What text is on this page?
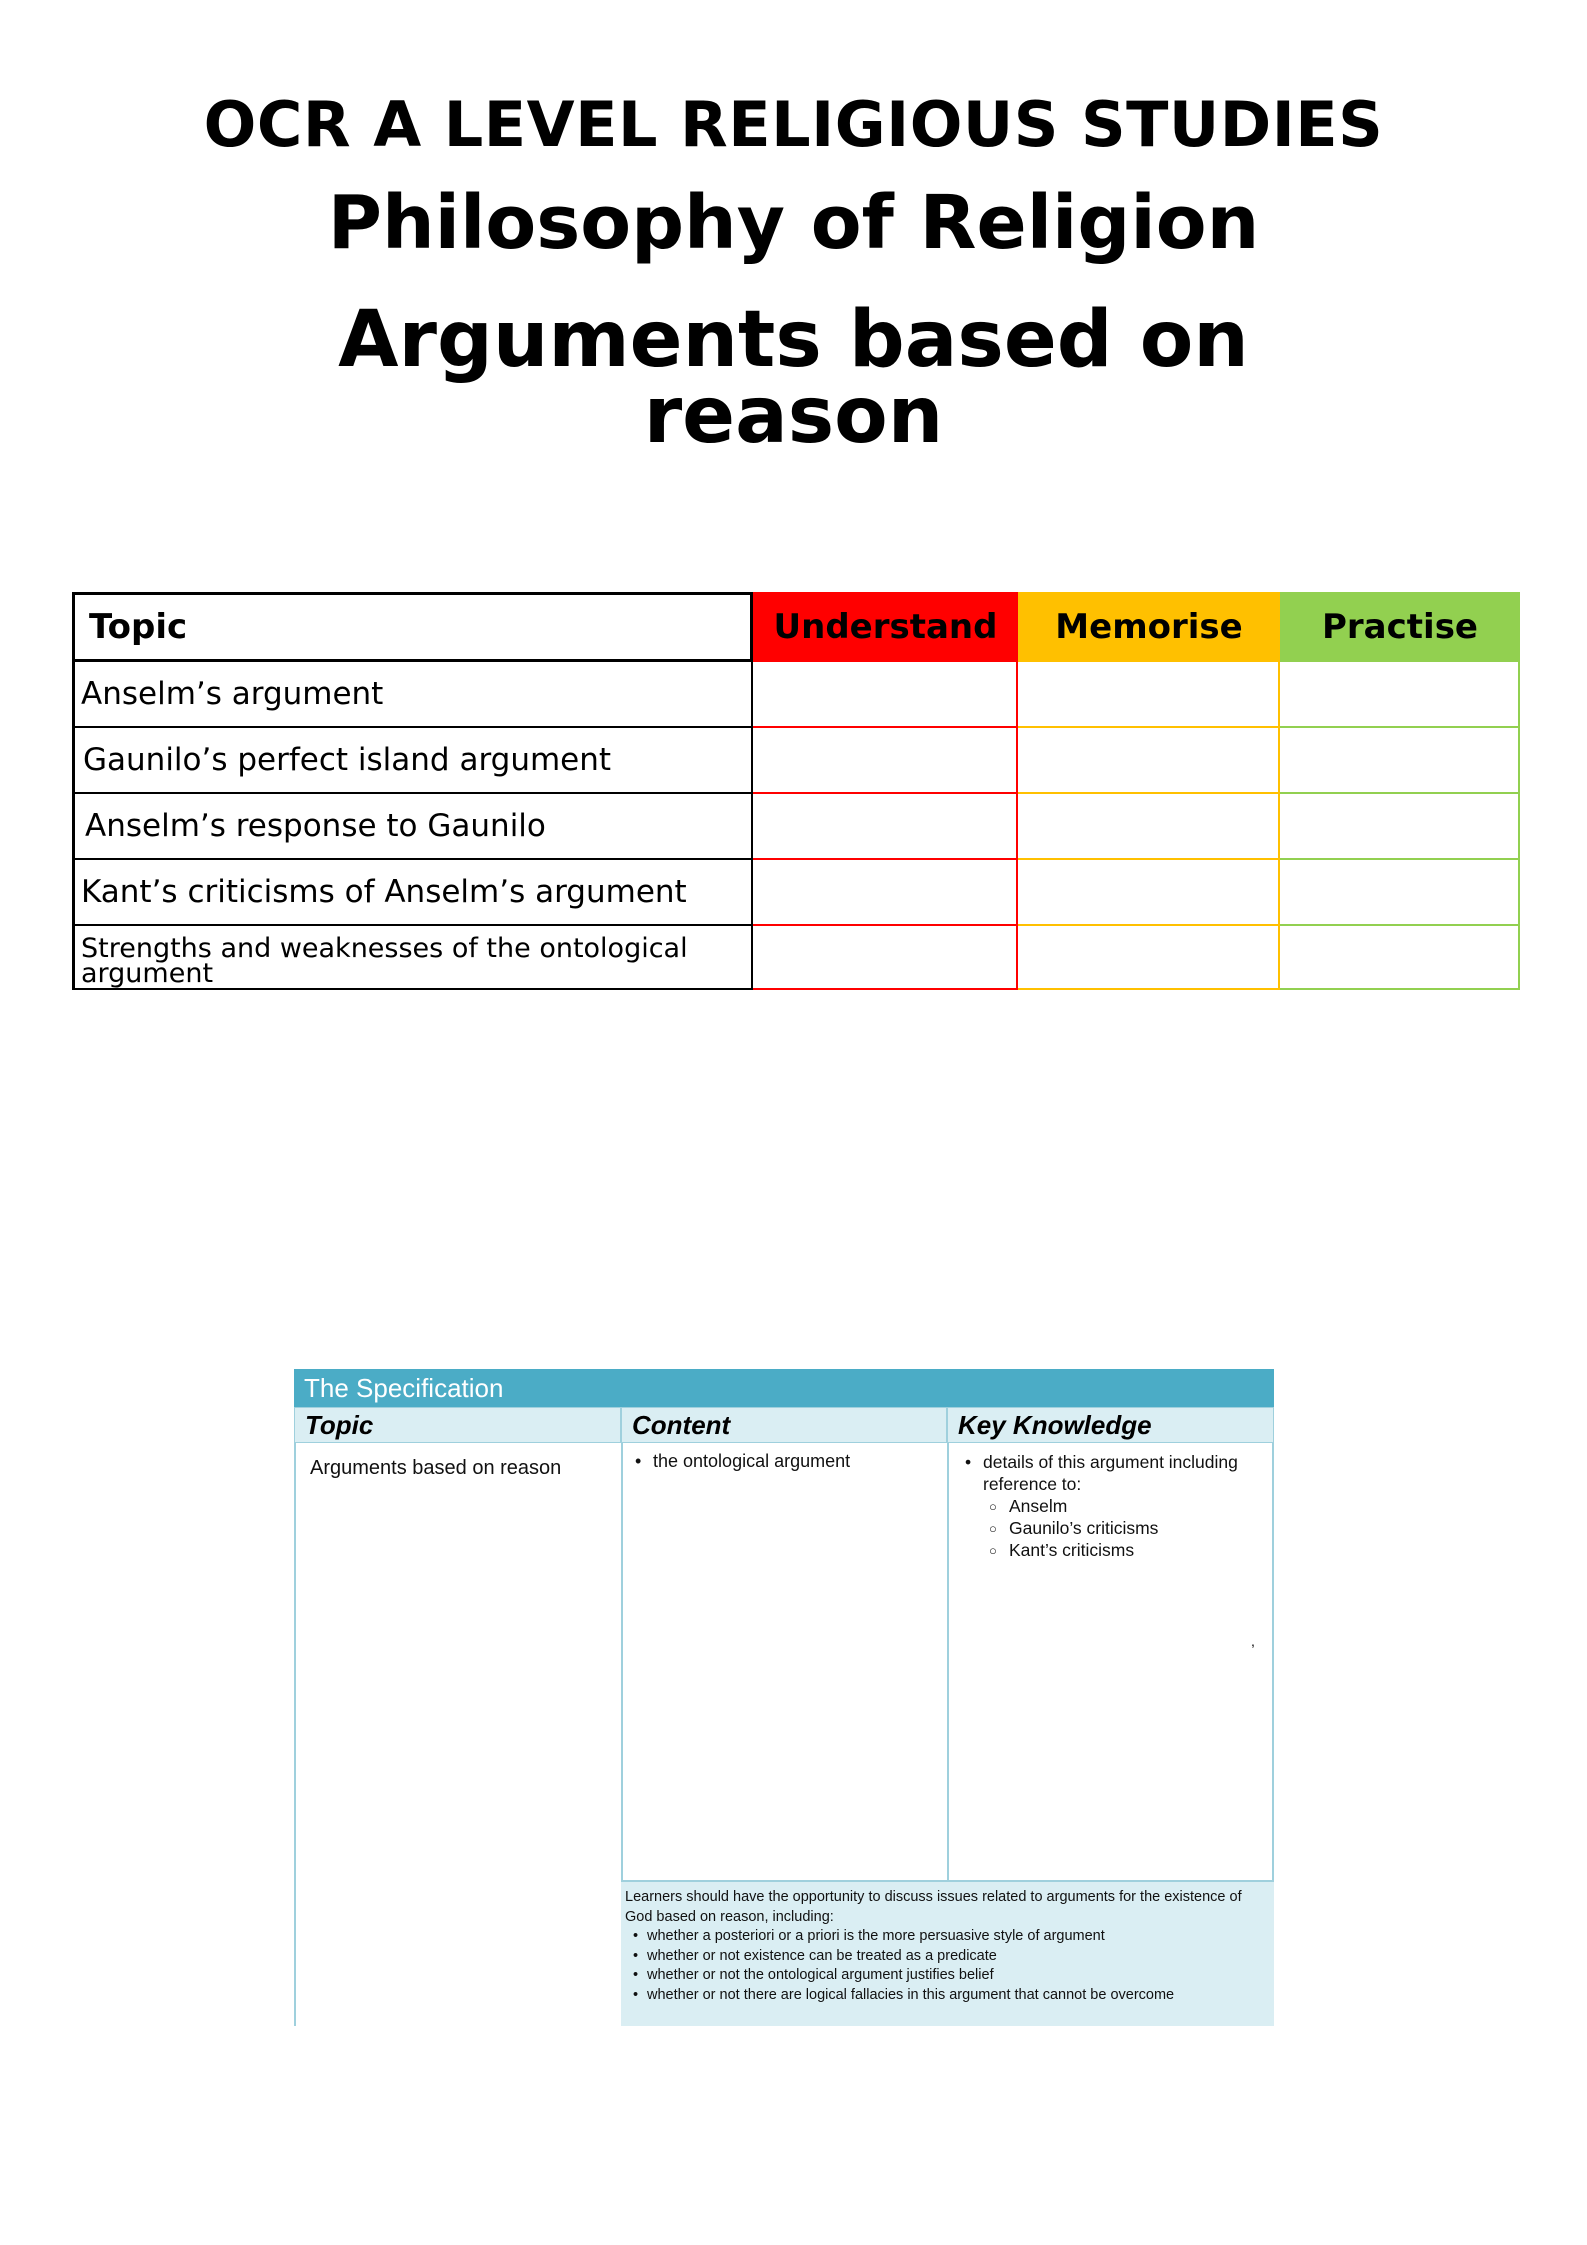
OCR A LEVEL RELIGIOUS STUDIES
Philosophy of Religion
Arguments based on
reason
Topic	Understand Memorise Practise
Anselm’s argument
Gaunilo’s perfect island argument
Anselm’s response to Gaunilo
Kant’s criticisms of Anselm’s argument
Strengths and weaknesses of the ontological argument
The Specification
Topic	Content	Key Knowledge
Arguments based on reason	• the ontological argument	• details of this argument including reference to:
○ Anselm
○ Gaunilo’s criticisms
○ Kant’s criticisms
,
Learners should have the opportunity to discuss issues related to arguments for the existence of God based on reason, including:
• whether a posteriori or a priori is the more persuasive style of argument
• whether or not existence can be treated as a predicate
• whether or not the ontological argument justifies belief
• whether or not there are logical fallacies in this argument that cannot be overcome
